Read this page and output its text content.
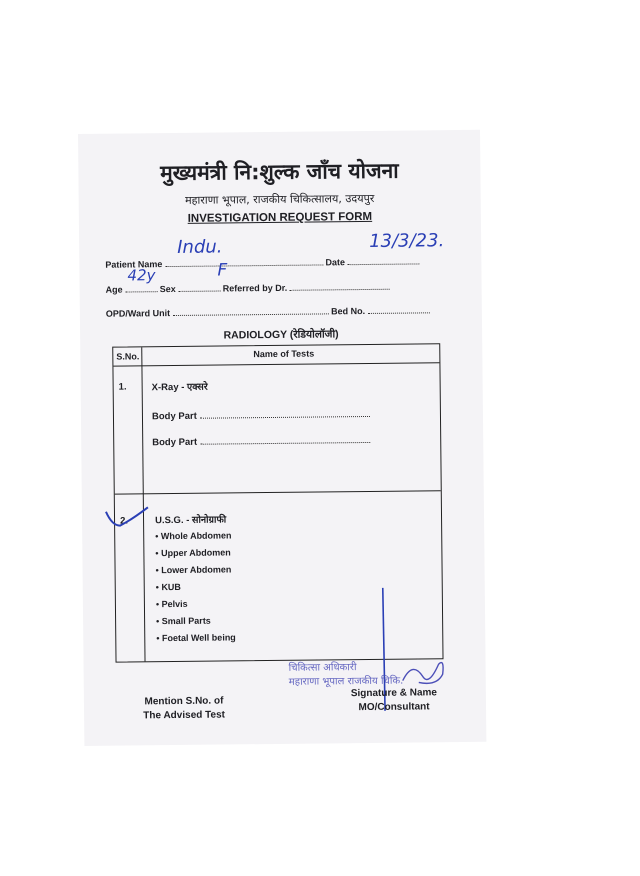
मुख्यमंत्री नि:शुल्क जाँच योजना
महाराणा भूपाल, राजकीय चिकित्सालय, उदयपुर
INVESTIGATION REQUEST FORM
Patient Name	Date
Indu.	13/3/23.
Age	Sex	Referred by Dr.
42y	F
OPD/Ward Unit	Bed No.
RADIOLOGY (रेडियोलॉजी)
S.No.	Name of Tests
1.	X-Ray - एक्सरे
Body Part
Body Part
2.	U.S.G. - सोनोग्राफी
• Whole Abdomen
• Upper Abdomen
• Lower Abdomen
• KUB
• Pelvis
• Small Parts
• Foetal Well being
चिकित्सा अधिकारी
महाराणा भूपाल राजकीय चिकि.
Mention S.No. of
The Advised Test
Signature & Name
MO/Consultant
